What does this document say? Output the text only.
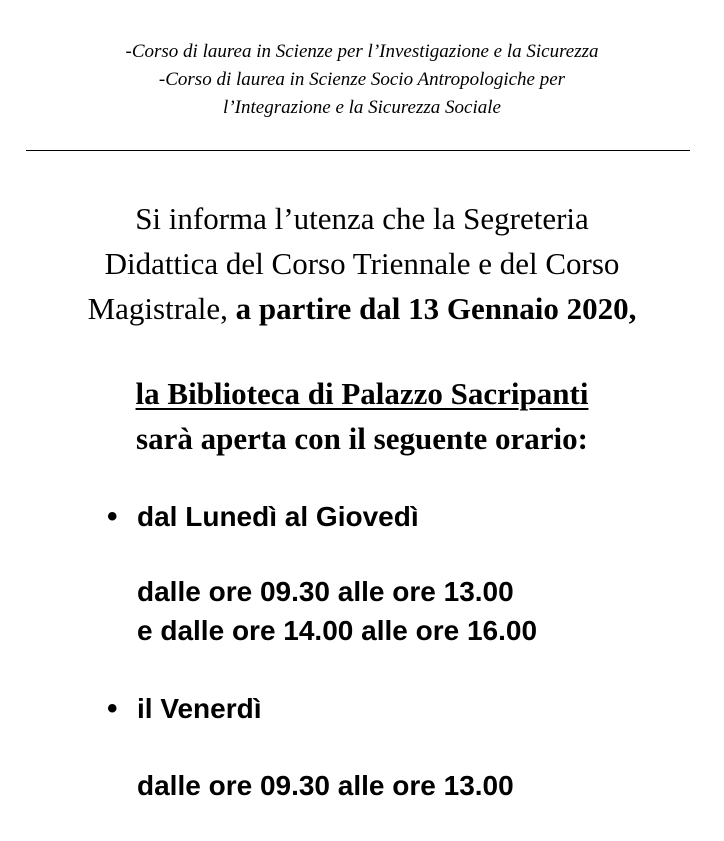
-Corso di laurea in Scienze per l’Investigazione e la Sicurezza
-Corso di laurea in Scienze Socio Antropologiche per
l’Integrazione e la Sicurezza Sociale
Si informa l’utenza che la Segreteria
Didattica del Corso Triennale e del Corso
Magistrale, a partire dal 13 Gennaio 2020,
la Biblioteca di Palazzo Sacripanti
sarà aperta con il seguente orario:
• dal Lunedì al Giovedì
dalle ore 09.30 alle ore 13.00
e dalle ore 14.00 alle ore 16.00
• il Venerdì
dalle ore 09.30 alle ore 13.00
